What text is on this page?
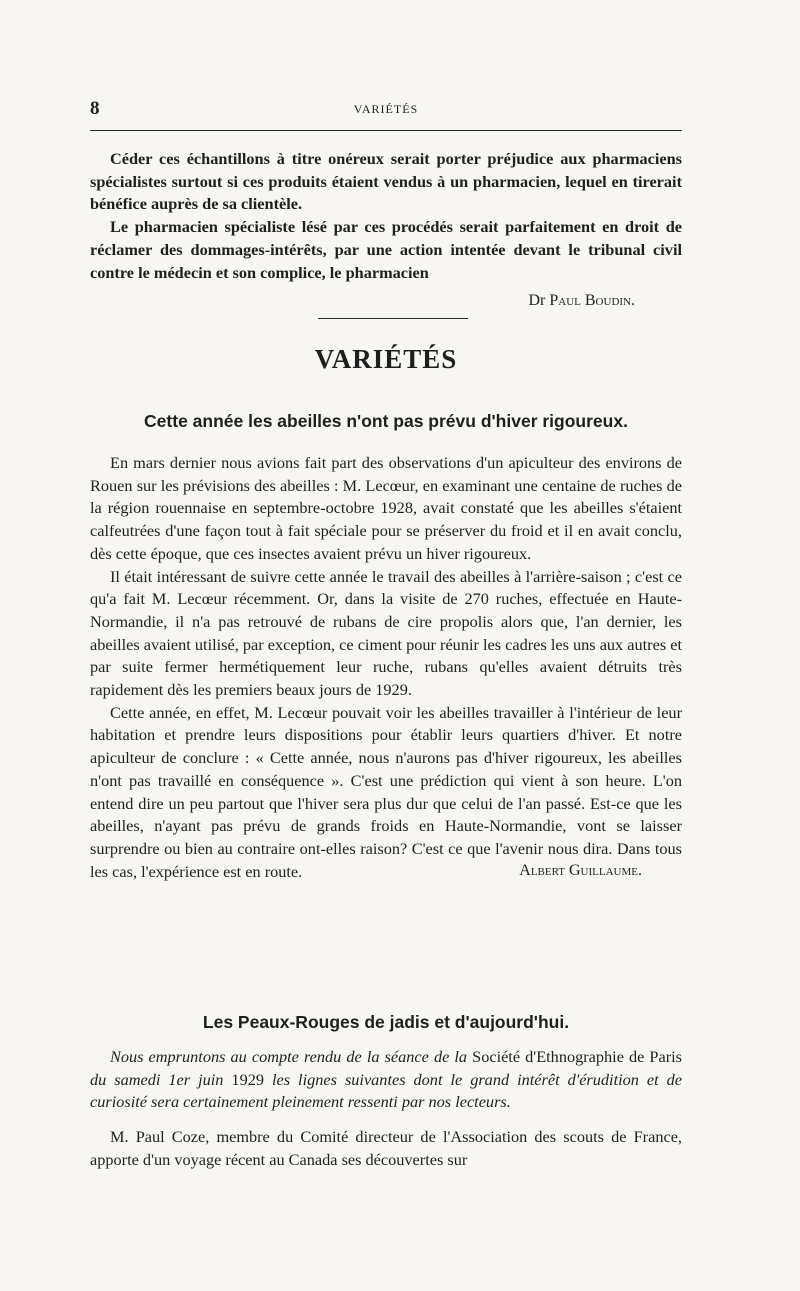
8	VARIÉTÉS

Céder ces échantillons à titre onéreux serait porter préjudice aux pharmaciens spécialistes surtout si ces produits étaient vendus à un pharmacien, lequel en tirerait bénéfice auprès de sa clientèle.

Le pharmacien spécialiste lésé par ces procédés serait parfaitement en droit de réclamer des dommages-intérêts, par une action intentée devant le tribunal civil contre le médecin et son complice, le pharmacien

Dr Paul Boudin.
VARIÉTÉS
Cette année les abeilles n'ont pas prévu d'hiver rigoureux.

En mars dernier nous avions fait part des observations d'un apiculteur des environs de Rouen sur les prévisions des abeilles : M. Lecœur, en examinant une centaine de ruches de la région rouennaise en septembre-octobre 1928, avait constaté que les abeilles s'étaient calfeutrées d'une façon tout à fait spéciale pour se préserver du froid et il en avait conclu, dès cette époque, que ces insectes avaient prévu un hiver rigoureux.

Il était intéressant de suivre cette année le travail des abeilles à l'arrière-saison ; c'est ce qu'a fait M. Lecœur récemment. Or, dans la visite de 270 ruches, effectuée en Haute-Normandie, il n'a pas retrouvé de rubans de cire propolis alors que, l'an dernier, les abeilles avaient utilisé, par exception, ce ciment pour réunir les cadres les uns aux autres et par suite fermer hermétiquement leur ruche, rubans qu'elles avaient détruits très rapidement dès les premiers beaux jours de 1929.

Cette année, en effet, M. Lecœur pouvait voir les abeilles travailler à l'intérieur de leur habitation et prendre leurs dispositions pour établir leurs quartiers d'hiver. Et notre apiculteur de conclure : « Cette année, nous n'aurons pas d'hiver rigoureux, les abeilles n'ont pas travaillé en conséquence ». C'est une prédiction qui vient à son heure. L'on entend dire un peu partout que l'hiver sera plus dur que celui de l'an passé. Est-ce que les abeilles, n'ayant pas prévu de grands froids en Haute-Normandie, vont se laisser surprendre ou bien au contraire ont-elles raison? C'est ce que l'avenir nous dira. Dans tous les cas, l'expérience est en route.	Albert Guillaume.
Les Peaux-Rouges de jadis et d'aujourd'hui.

Nous empruntons au compte rendu de la séance de la Société d'Ethnographie de Paris du samedi 1er juin 1929 les lignes suivantes dont le grand intérêt d'érudition et de curiosité sera certainement pleinement ressenti par nos lecteurs.

M. Paul Coze, membre du Comité directeur de l'Association des scouts de France, apporte d'un voyage récent au Canada ses découvertes sur
